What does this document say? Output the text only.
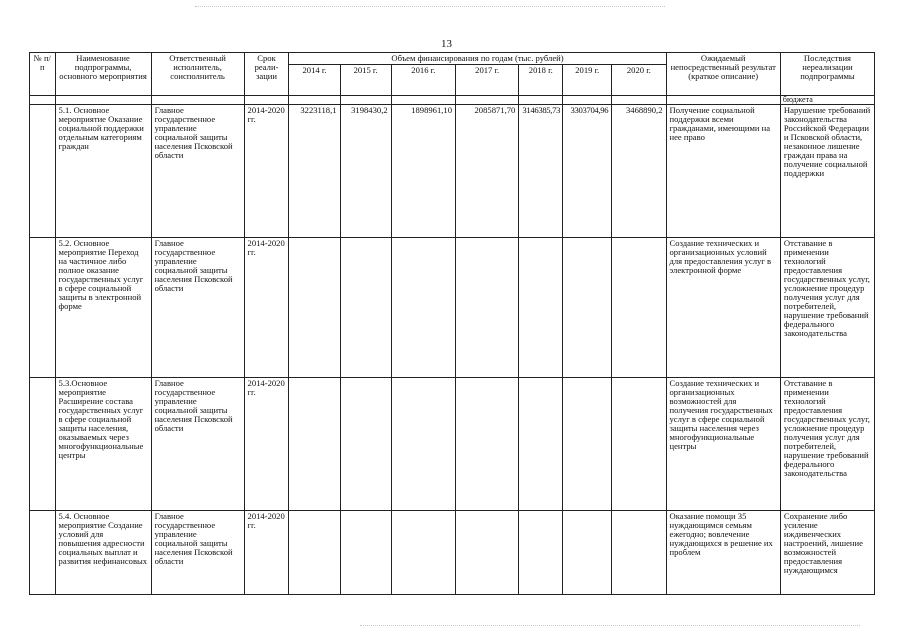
13
№ п/п	Наименование подпрограммы, основного мероприятия	Ответственный исполнитель, соисполнитель	Срок реали-зации	Объем финансирования по годам (тыс. рублей)							Ожидаемый непосредственный результат (краткое описание)	Последствия нереализации подпрограммы
				2014 г.	2015 г.	2016 г.	2017 г.	2018 г.	2019 г.	2020 г.		
												бюджета
	5.1. Основное мероприятие Оказание социальной поддержки отдельным категориям граждан	Главное государственное управление социальной защиты населения Псковской области	2014-2020 гг.	3223118,1	3198430,2	1898961,10	2085871,70	3146385,73	3303704,96	3468890,2	Получение социальной поддержки всеми гражданами, имеющими на нее право	Нарушение требований законодательства Российской Федерации и Псковской области, незаконное лишение граждан права на получение социальной поддержки
	5.2. Основное мероприятие Переход на частичное либо полное оказание государственных услуг в сфере социальной защиты в электронной форме	Главное государственное управление социальной защиты населения Псковской области	2014-2020 гг.								Создание технических и организационных условий для предоставления услуг в электронной форме	Отставание в применении технологий предоставления государственных услуг, усложнение процедур получения услуг для потребителей, нарушение требований федерального законодательства
	5.3.Основное мероприятие Расширение состава государственных услуг в сфере социальной защиты населения, оказываемых через многофункциональные центры	Главное государственное управление социальной защиты населения Псковской области	2014-2020 гг.								Создание технических и организационных возможностей для получения государственных услуг в сфере социальной защиты населения через многофункциональные центры	Отставание в применении технологий предоставления государственных услуг, усложнение процедур получения услуг для потребителей, нарушение требований федерального законодательства
	5.4. Основное мероприятие Создание условий для повышения адресности социальных выплат и развития нефинансовых	Главное государственное управление социальной защиты населения Псковской области	2014-2020 гг.								Оказание помощи 35 нуждающимся семьям ежегодно; вовлечение нуждающихся в решение их проблем	Сохранение либо усиление иждивенческих настроений, лишение возможностей предоставления нуждающимся
